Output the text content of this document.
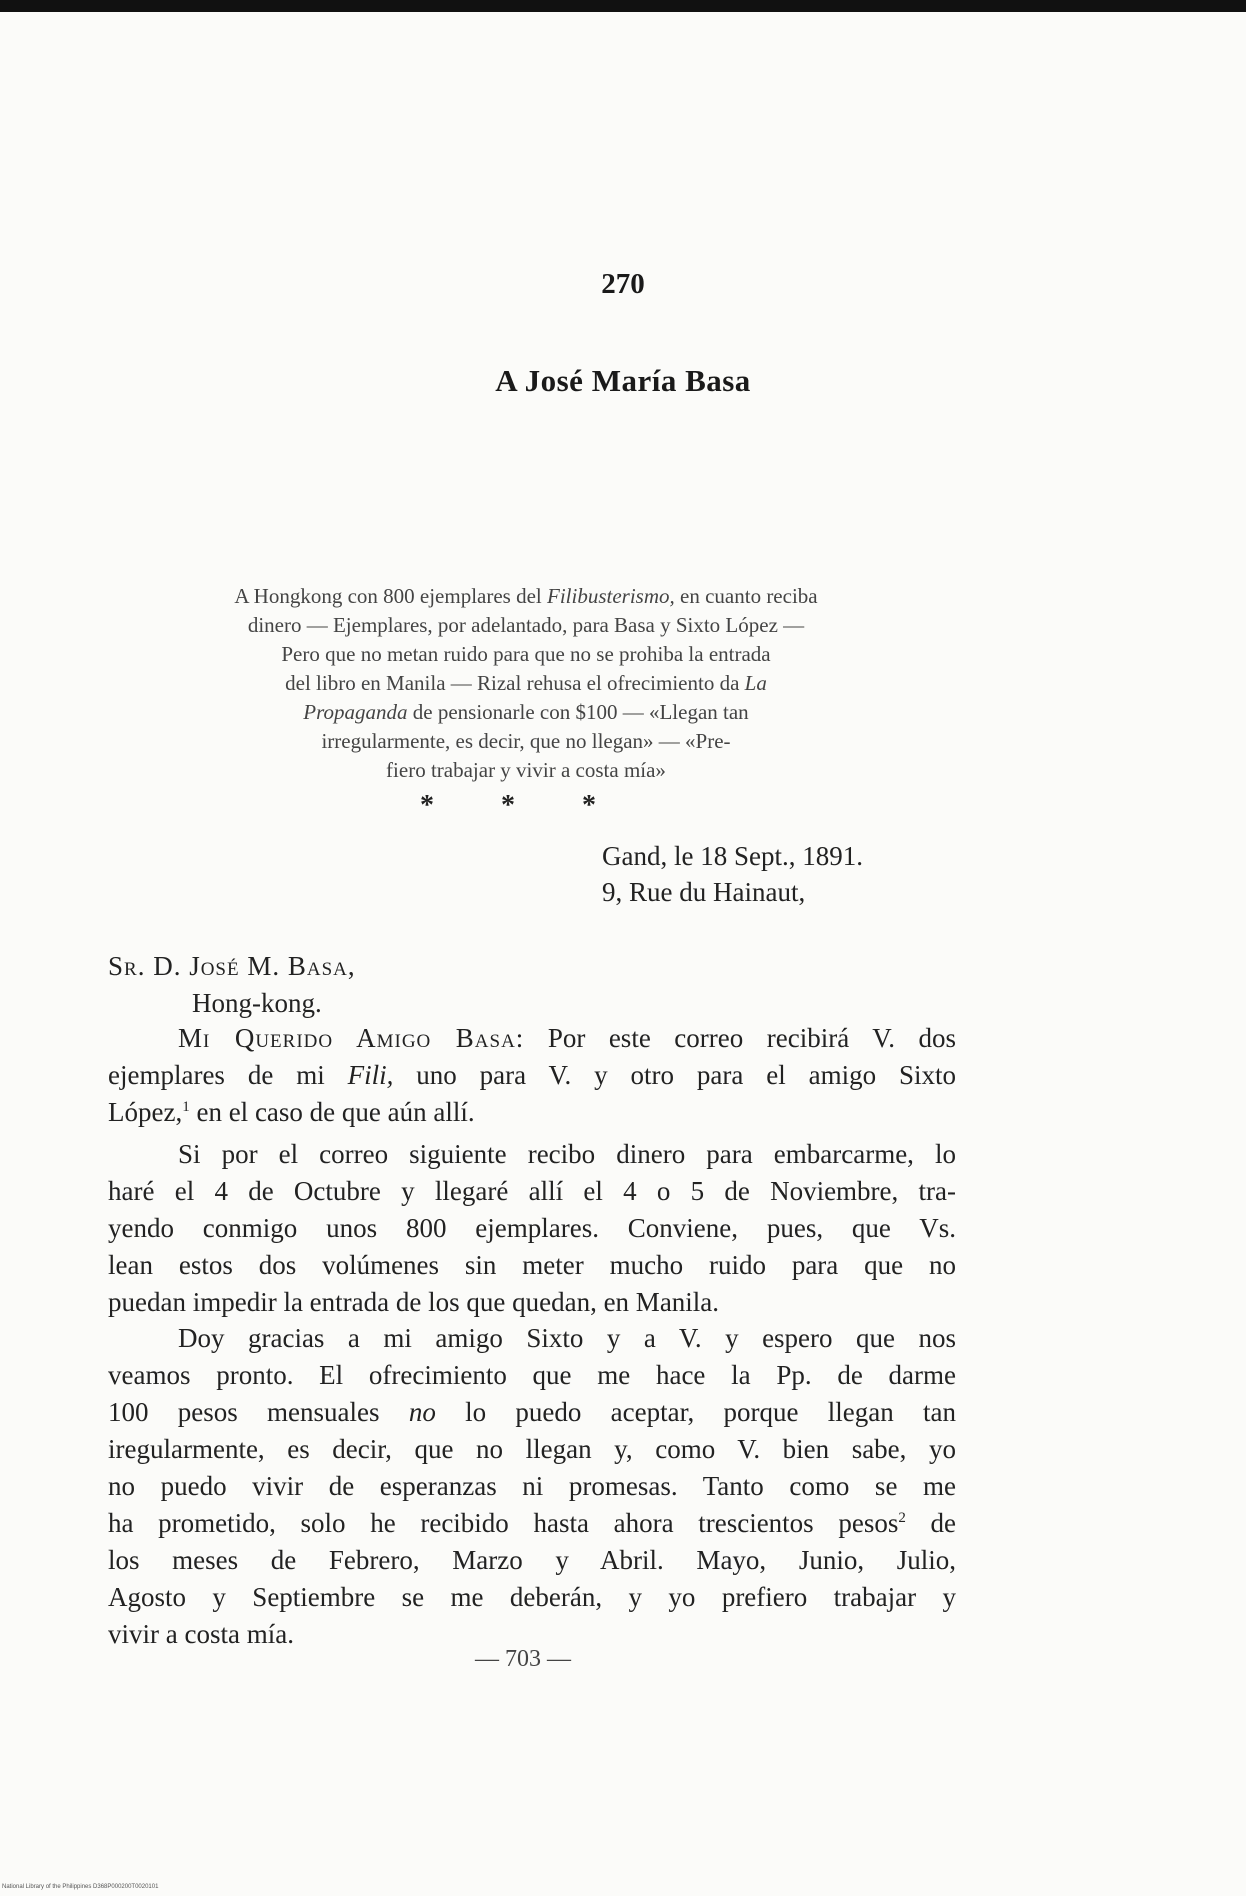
270
A José María Basa
A Hongkong con 800 ejemplares del Filibusterismo, en cuanto reciba
dinero — Ejemplares, por adelantado, para Basa y Sixto López —
Pero que no metan ruido para que no se prohiba la entrada
del libro en Manila — Rizal rehusa el ofrecimiento da La
Propaganda de pensionarle con $100 — «Llegan tan
irregularmente, es decir, que no llegan» — «Pre-
fiero trabajar y vivir a costa mía»
* * *
Gand, le 18 Sept., 1891.
9, Rue du Hainaut,
Sr. D. José M. Basa,
Hong-kong.
Mi Querido Amigo Basa: Por este correo recibirá V. dos
ejemplares de mi Fili, uno para V. y otro para el amigo Sixto
López,$^1$ en el caso de que aún allí.
Si por el correo siguiente recibo dinero para embarcarme, lo
haré el 4 de Octubre y llegaré allí el 4 o 5 de Noviembre, tra-
yendo conmigo unos 800 ejemplares. Conviene, pues, que Vs.
lean estos dos volúmenes sin meter mucho ruido para que no
puedan impedir la entrada de los que quedan, en Manila.
Doy gracias a mi amigo Sixto y a V. y espero que nos
veamos pronto. El ofrecimiento que me hace la Pp. de darme
100 pesos mensuales no lo puedo aceptar, porque llegan tan
iregularmente, es decir, que no llegan y, como V. bien sabe, yo
no puedo vivir de esperanzas ni promesas. Tanto como se me
ha prometido, solo he recibido hasta ahora trescientos pesos$^2$ de
los meses de Febrero, Marzo y Abril. Mayo, Junio, Julio,
Agosto y Septiembre se me deberán, y yo prefiero trabajar y
vivir a costa mía.
— 703 —
National Library of the Philippines D368P000200T0020101
